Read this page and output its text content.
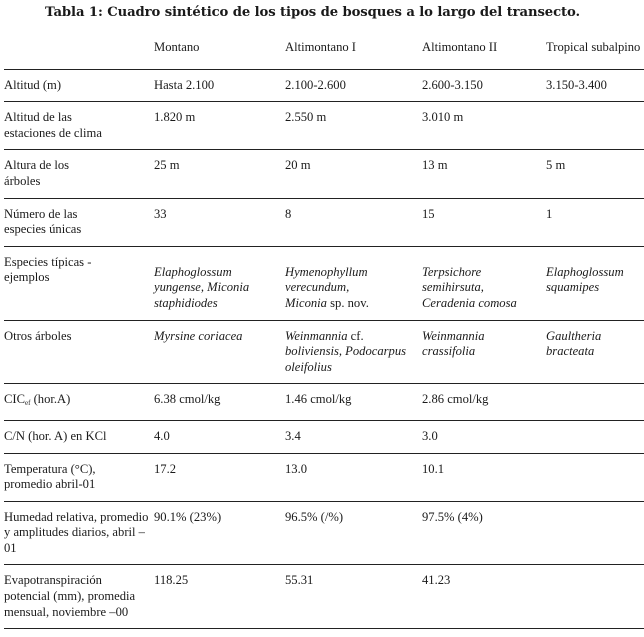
Tabla 1: Cuadro sintético de los tipos de bosques a lo largo del transecto.
	Montano	Altimontano I	Altimontano II	Tropical subalpino
Altitud (m)	Hasta 2.100	2.100-2.600	2.600-3.150	3.150-3.400
Altitud de las estaciones de clima	1.820 m	2.550 m	3.010 m	
Altura de los árboles	25 m	20 m	13 m	5 m
Número de las especies únicas	33	8	15	1
Especies típicas -ejemplos	Elaphoglossum yungense, Miconia staphidiodes	Hymenophyllum verecundum, Miconia sp. nov.	Terpsichore semihirsuta, Ceradenia comosa	Elaphoglossum squamipes
Otros árboles	Myrsine coriacea	Weinmannia cf. boliviensis, Podocarpus oleifolius	Weinmannia crassifolia	Gaultheria bracteata
$CIC_{ef}$ (hor.A)	6.38 cmol/kg	1.46 cmol/kg	2.86 cmol/kg	
C/N (hor. A) en KCl	4.0	3.4	3.0	
Temperatura (°C), promedio abril-01	17.2	13.0	10.1	
Humedad relativa, promedio y amplitudes diarios, abril –01	90.1% (23%)	96.5% (/%)	97.5% (4%)	
Evapotranspiración potencial (mm), promedia mensual, noviembre –00	118.25	55.31	41.23	
